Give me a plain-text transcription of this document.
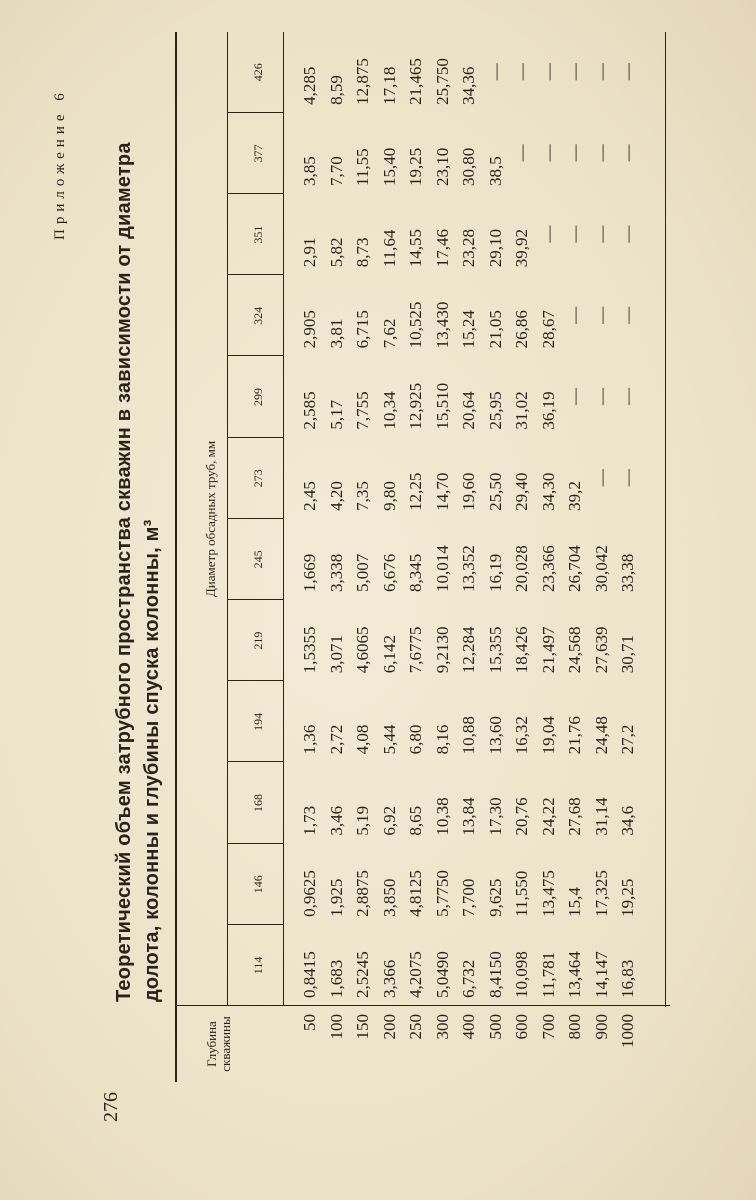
276
Приложение 6 Теоретический объем затрубного пространства скважин в зависимости от диаметра долота, колонны и глубины спуска колонны, м³
Глубина скважины
Диаметр обсадных труб, мм
114
146
168
194
219
245
273
299
324
351
377
426
50
0,8415
0,9625
1,73
1,36
1,5355
1,669
2,45
2,585
2,905
2,91
3,85
4,285
100
1,683
1,925
3,46
2,72
3,071
3,338
4,20
5,17
3,81
5,82
7,70
8,59
150
2,5245
2,8875
5,19
4,08
4,6065
5,007
7,35
7,755
6,715
8,73
11,55
12,875
200
3,366
3,850
6,92
5,44
6,142
6,676
9,80
10,34
7,62
11,64
15,40
17,18
250
4,2075
4,8125
8,65
6,80
7,6775
8,345
12,25
12,925
10,525
14,55
19,25
21,465
300
5,0490
5,7750
10,38
8,16
9,2130
10,014
14,70
15,510
13,430
17,46
23,10
25,750
400
6,732
7,700
13,84
10,88
12,284
13,352
19,60
20,64
15,24
23,28
30,80
34,36
500
8,4150
9,625
17,30
13,60
15,355
16,19
25,50
25,95
21,05
29,10
38,5
—
600
10,098
11,550
20,76
16,32
18,426
20,028
29,40
31,02
26,86
39,92
—
—
700
11,781
13,475
24,22
19,04
21,497
23,366
34,30
36,19
28,67
—
—
—
800
13,464
15,4
27,68
21,76
24,568
26,704
39,2
—
—
—
—
—
900
14,147
17,325
31,14
24,48
27,639
30,042
—
—
—
—
—
—
1000
16,83
19,25
34,6
27,2
30,71
33,38
—
—
—
—
—
—
